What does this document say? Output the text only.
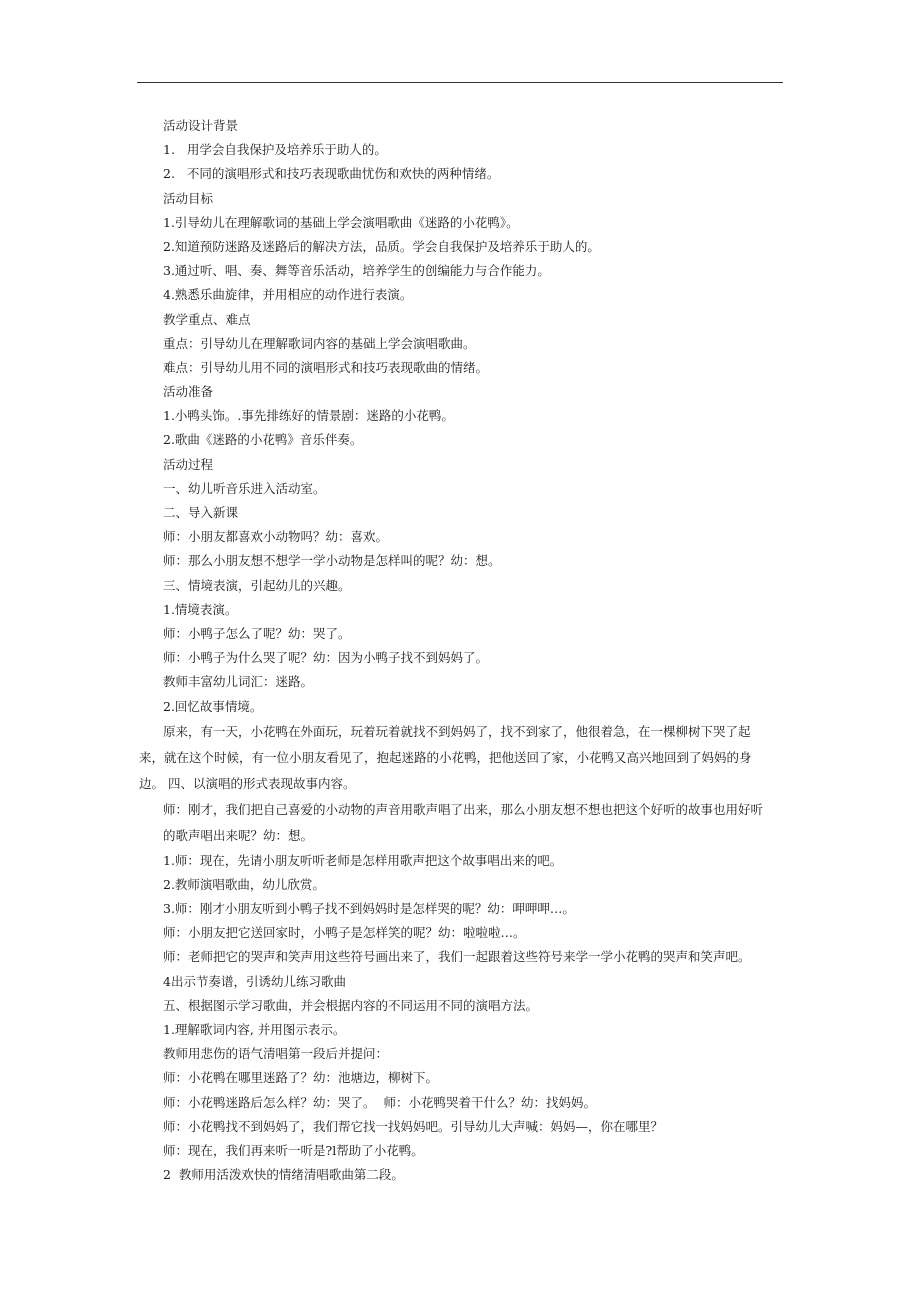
活动设计背景
1.   用学会自我保护及培养乐于助人的。
2.   不同的演唱形式和技巧表现歌曲忧伤和欢快的两种情绪。
活动目标
1.引导幼儿在理解歌词的基础上学会演唱歌曲《迷路的小花鸭》。
2.知道预防迷路及迷路后的解决方法，品质。学会自我保护及培养乐于助人的。
3.通过听、唱、奏、舞等音乐活动，培养学生的创编能力与合作能力。
4.熟悉乐曲旋律，并用相应的动作进行表演。
教学重点、难点
重点：引导幼儿在理解歌词内容的基础上学会演唱歌曲。
难点：引导幼儿用不同的演唱形式和技巧表现歌曲的情绪。
活动准备
1.小鸭头饰。.事先排练好的情景剧：迷路的小花鸭。
2.歌曲《迷路的小花鸭》音乐伴奏。
活动过程
一、幼儿听音乐进入活动室。
二、导入新课
师：小朋友都喜欢小动物吗？幼：喜欢。
师：那么小朋友想不想学一学小动物是怎样叫的呢？幼：想。
三、情境表演，引起幼儿的兴趣。
1.情境表演。
师：小鸭子怎么了呢？幼：哭了。
师：小鸭子为什么哭了呢？幼：因为小鸭子找不到妈妈了。
教师丰富幼儿词汇：迷路。
2.回忆故事情境。
原来，有一天，小花鸭在外面玩，玩着玩着就找不到妈妈了，找不到家了，他很着急，在一棵柳树下哭了起 来，就在这个时候，有一位小朋友看见了，抱起迷路的小花鸭，把他送回了家，小花鸭又高兴地回到了妈妈的身边。 四、以演唱的形式表现故事内容。
师：刚才，我们把自己喜爱的小动物的声音用歌声唱了出来，那么小朋友想不想也把这个好听的故事也用好听的歌声唱出来呢？幼：想。
1.师：现在，先请小朋友听听老师是怎样用歌声把这个故事唱出来的吧。
2.教师演唱歌曲，幼儿欣赏。
3.师：刚才小朋友听到小鸭子找不到妈妈时是怎样哭的呢？幼：呷呷呷…。
师：小朋友把它送回家时，小鸭子是怎样笑的呢？幼：啦啦啦…。
师：老师把它的哭声和笑声用这些符号画出来了，我们一起跟着这些符号来学一学小花鸭的哭声和笑声吧。
4出示节奏谱，引诱幼儿练习歌曲
五、根据图示学习歌曲，并会根据内容的不同运用不同的演唱方法。
1.理解歌词内容, 并用图示表示。
教师用悲伤的语气清唱第一段后并提问：
师：小花鸭在哪里迷路了？幼：池塘边，柳树下。
师：小花鸭迷路后怎么样？幼：哭了。  师：小花鸭哭着干什么？幼：找妈妈。
师：小花鸭找不到妈妈了，我们帮它找一找妈妈吧。引导幼儿大声喊：妈妈—，你在哪里？
师：现在，我们再来听一听是?l帮助了小花鸭。
2  教师用活泼欢快的情绪清唱歌曲第二段。
